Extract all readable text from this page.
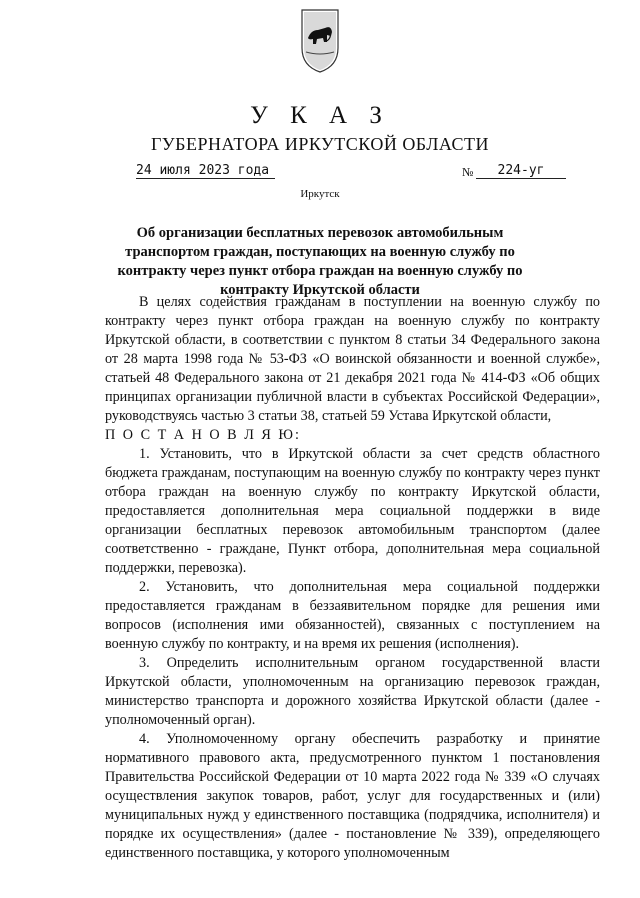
У К А З
ГУБЕРНАТОРА ИРКУТСКОЙ ОБЛАСТИ
24 июля 2023 года	№	224-уг
Иркутск
Об организации бесплатных перевозок автомобильным транспортом граждан, поступающих на военную службу по контракту через пункт отбора граждан на военную службу по контракту Иркутской области

В целях содействия гражданам в поступлении на военную службу по контракту через пункт отбора граждан на военную службу по контракту Иркутской области, в соответствии с пунктом 8 статьи 34 Федерального закона от 28 марта 1998 года № 53-ФЗ «О воинской обязанности и военной службе», статьей 48 Федерального закона от 21 декабря 2021 года № 414-ФЗ «Об общих принципах организации публичной власти в субъектах Российской Федерации», руководствуясь частью 3 статьи 38, статьей 59 Устава Иркутской области,

П О С Т А Н О В Л Я Ю:

1. Установить, что в Иркутской области за счет средств областного бюджета гражданам, поступающим на военную службу по контракту через пункт отбора граждан на военную службу по контракту Иркутской области, предоставляется дополнительная мера социальной поддержки в виде организации бесплатных перевозок автомобильным транспортом (далее соответственно - граждане, Пункт отбора, дополнительная мера социальной поддержки, перевозка).

2. Установить, что дополнительная мера социальной поддержки предоставляется гражданам в беззаявительном порядке для решения ими вопросов (исполнения ими обязанностей), связанных с поступлением на военную службу по контракту, и на время их решения (исполнения).

3. Определить исполнительным органом государственной власти Иркутской области, уполномоченным на организацию перевозок граждан, министерство транспорта и дорожного хозяйства Иркутской области (далее - уполномоченный орган).

4. Уполномоченному органу обеспечить разработку и принятие нормативного правового акта, предусмотренного пунктом 1 постановления Правительства Российской Федерации от 10 марта 2022 года № 339 «О случаях осуществления закупок товаров, работ, услуг для государственных и (или) муниципальных нужд у единственного поставщика (подрядчика, исполнителя) и порядке их осуществления» (далее - постановление № 339), определяющего единственного поставщика, у которого уполномоченным
